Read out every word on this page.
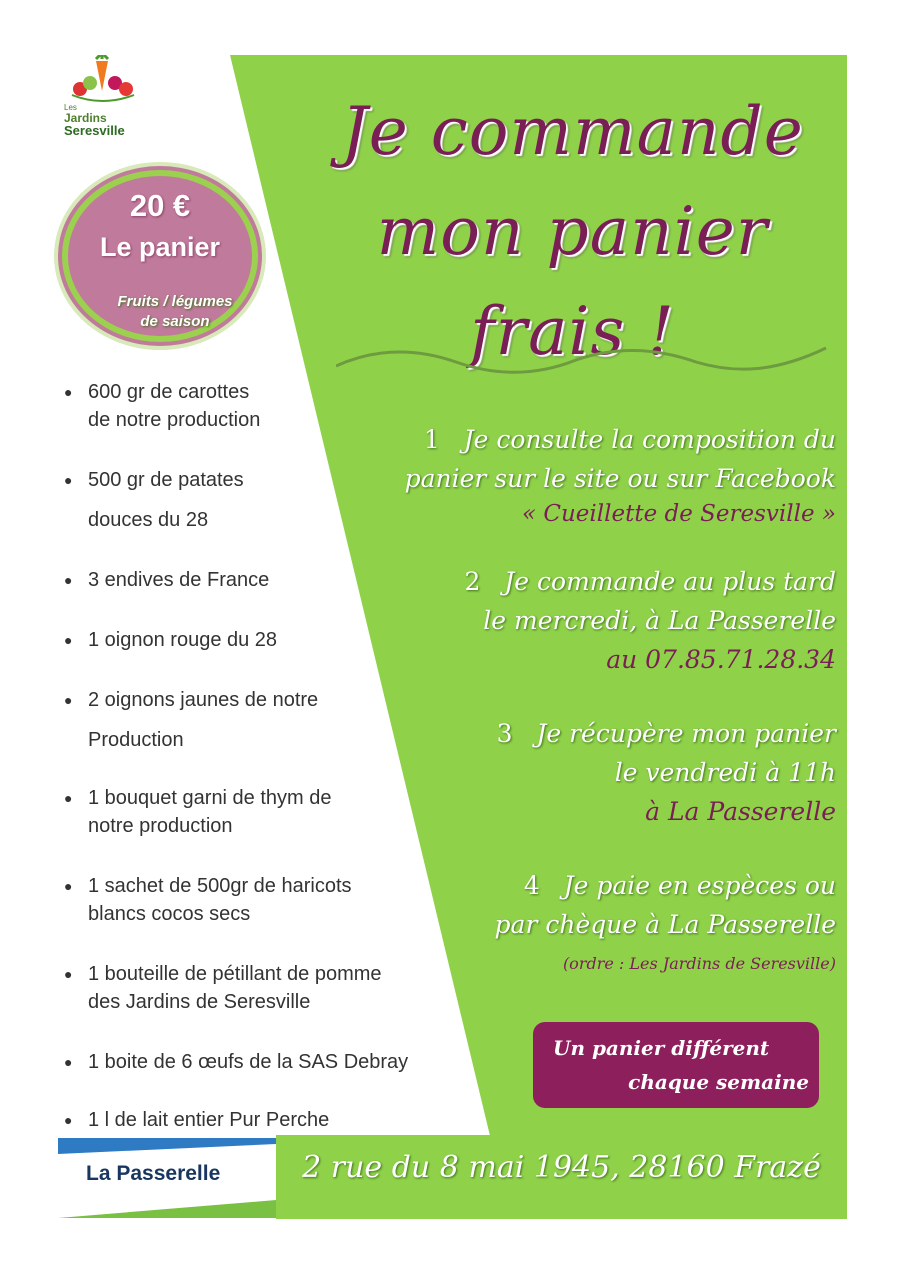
Les
Jardins
Seresville
20 €
Le panier
Fruits / légumes
de saison
Je commande
mon panier
frais !
● 600 gr de carottes
de notre production
● 500 gr de patates
douces du 28
● 3 endives de France
● 1 oignon rouge du 28
● 2 oignons jaunes de notre
Production
● 1 bouquet garni de thym de
notre production
● 1 sachet de 500gr de haricots
blancs cocos secs
● 1 bouteille de pétillant de pomme
des Jardins de Seresville
● 1 boite de 6 œufs de la SAS Debray
● 1 l de lait entier Pur Perche
1 Je consulte la composition du
panier sur le site ou sur Facebook
« Cueillette de Seresville »
2 Je commande au plus tard
le mercredi, à La Passerelle
au 07.85.71.28.34
3 Je récupère mon panier
le vendredi à 11h
à La Passerelle
4 Je paie en espèces ou
par chèque à La Passerelle
(ordre : Les Jardins de Seresville)
Un panier différent
chaque semaine
La Passerelle	2 rue du 8 mai 1945, 28160 Frazé
